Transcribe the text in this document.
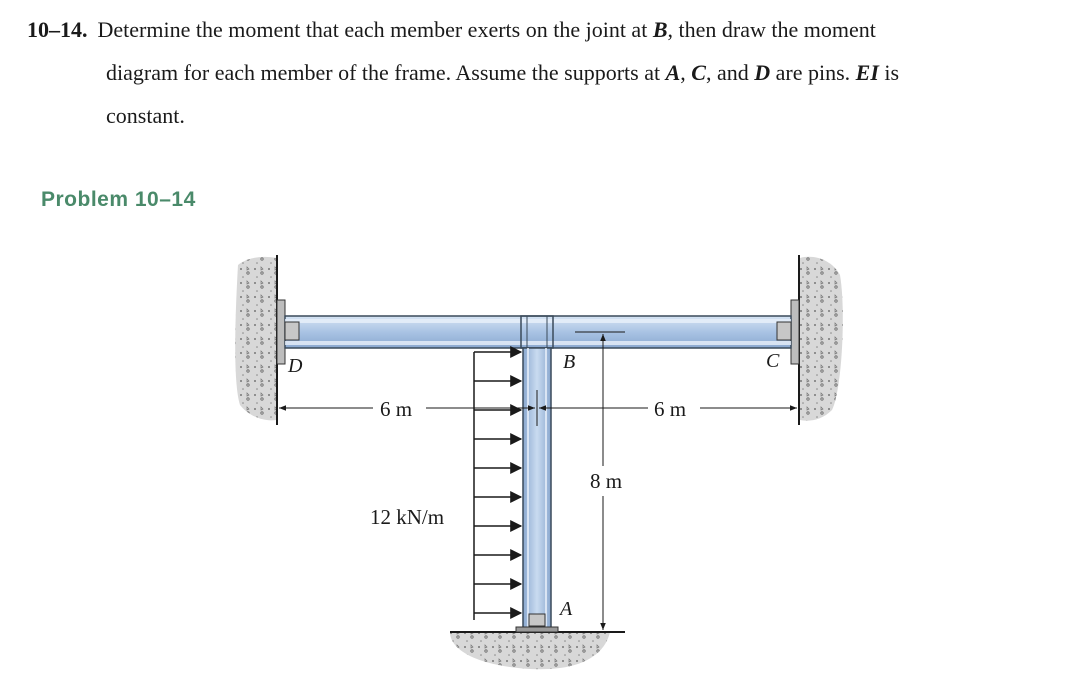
10–14. Determine the moment that each member exerts on the joint at B, then draw the moment
diagram for each member of the frame. Assume the supports at A, C, and D are pins. EI is
constant.
Problem 10–14
D	B	C
A
6 m	6 m
8 m
12 kN/m
